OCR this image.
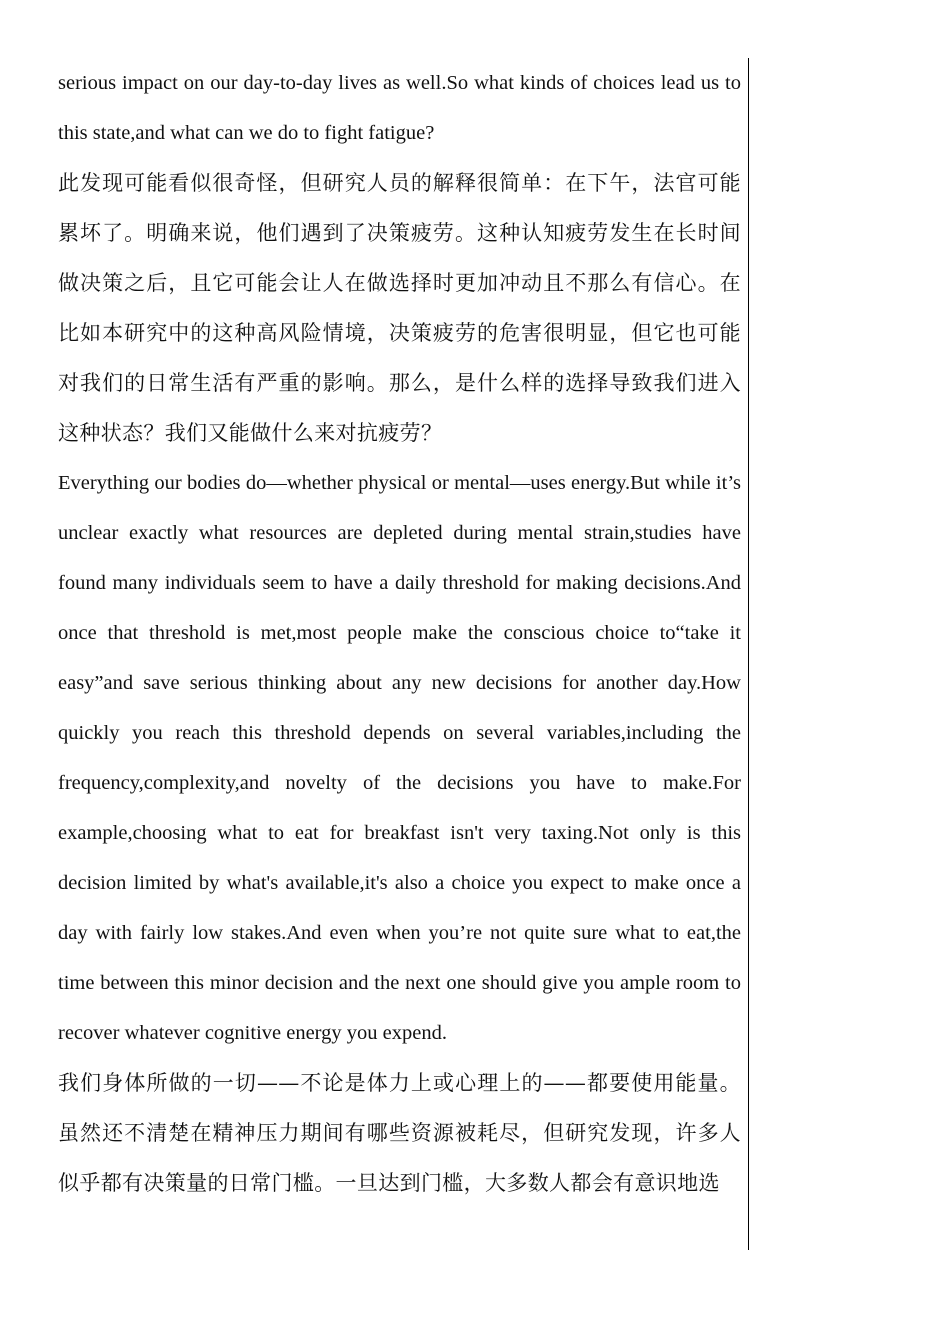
serious impact on our day-to-day lives as well.So what kinds of choices lead us to this state,and what can we do to fight fatigue?

此发现可能看似很奇怪，但研究人员的解释很简单：在下午，法官可能累坏了。明确来说，他们遇到了决策疲劳。这种认知疲劳发生在长时间做决策之后，且它可能会让人在做选择时更加冲动且不那么有信心。在比如本研究中的这种高风险情境，决策疲劳的危害很明显，但它也可能对我们的日常生活有严重的影响。那么，是什么样的选择导致我们进入这种状态？我们又能做什么来对抗疲劳？

Everything our bodies do—whether physical or mental—uses energy.But while it’s unclear exactly what resources are depleted during mental strain,studies have found many individuals seem to have a daily threshold for making decisions.And once that threshold is met,most people make the conscious choice to“take it easy”and save serious thinking about any new decisions for another day.How quickly you reach this threshold depends on several variables,including the frequency,complexity,and novelty of the decisions you have to make.For example,choosing what to eat for breakfast isn't very taxing.Not only is this decision limited by what's available,it's also a choice you expect to make once a day with fairly low stakes.And even when you’re not quite sure what to eat,the time between this minor decision and the next one should give you ample room to recover whatever cognitive energy you expend.

我们身体所做的一切——不论是体力上或心理上的——都要使用能量。虽然还不清楚在精神压力期间有哪些资源被耗尽，但研究发现，许多人似乎都有决策量的日常门槛。一旦达到门槛，大多数人都会有意识地选
